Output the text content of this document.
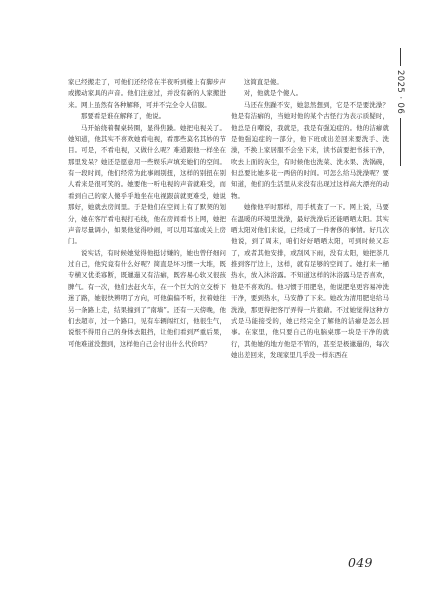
家已经搬走了，可他们还经常在半夜听到楼上有脚步声或搬动家具的声音。他们注意过，并没有新的人家搬进来。网上虽然有各种解释，可并不完全令人信服。

那要看是谁在解释了，他说。

马开始绕着餐桌转圈，显得焦躁。她把电视关了。她知道，他其实不喜欢她看电视，看那些莫名其妙的节目。可是，不看电视，又做什么呢？难道跟他一样坐在那里发呆？她还是愿意用一些娱乐声填充她们的空间。有一段时间，他们经常为此事闹别扭，这样的别扭在别人看来是很可笑的。她要他一听电视的声音就难受，而看到自己的家人傻乎乎地坐在电视跟前就更难受，她说那好，她就去房间里。于是他们在空间上有了默契的划分，她在客厅看电视打毛线，他在房间看书上网，她把声音尽量调小，如果他觉得吵闹，可以用耳塞或关上房门。

说实话，有时候她觉得他挺讨嫌的，她也曾仔细问过自己，他究竟有什么好呢？简直是坏习惯一大堆，既专横又优柔寡断，既邋遢又有洁癖，既容易心软又很孩脾气。有一次，他们去赶火车，在一个巨大的立交桥下迷了路，她很快辨明了方向，可他偏偏不听，拉着她往另一条路上走，结果撞到了“南墙”。还有一天傍晚，他们去超市，过一个路口，见有车辆闯红灯，他很生气，说恨不得用自己的身体去阻挡，让他们看到严重后果，可他难道没想到，这样他自己会付出什么代价吗？

这简直是傻。

对，他就是个傻人。

马还在焦躁不安，她忽然想到，它是不是要洗澡？他是有洁癖的，当她对他的某个古怪行为表示质疑时，他总是自嘲说，我就是，我是有强迫症的。他的洁癖就是他强迫症的一部分，他下班或出差回来要洗手、洗澡，不换上家居服不会坐下来，读书前要把书抹干净，吹去上面的灰尘，有时候他也洗菜、洗水果、洗锅碗，但总要比她多花一两倍的时间。可怎么给马洗澡呢？要知道，他们的生活里从来没有出现过这样高大漂亮的动物。

她像他平时那样，用手机查了一下。网上说，马要在温暖的环境里洗澡，最好洗澡后还能晒晒太阳。其实晒太阳对他们来说，已经成了一件奢侈的事情。好几次他说，到了周末，咱们好好晒晒太阳，可到时候又忘了，或者其他安排，或刮风下雨，没有太阳，她把茶几推到客厅边上，这样，就有足够的空间了。她打来一桶热水，放入沐浴露。不知道这样的沐浴露马是否喜欢，他是不喜欢的。他习惯于用肥皂，他说肥皂更容易冲洗干净，要到热水，马安静了下来。她改为清用肥皂给马洗澡，那更得把客厅弄得一片狼藉。不过她觉得这种方式是马能接受的，她已经完全了解他的洁癖是怎么回事。在家里，他只要自己的电脑桌那一块是干净的就行，其他她的地方他是不管的，甚至是极邋遢的，每次她出差回来，发现家里几乎没一样东西在

2025 · 06
049
